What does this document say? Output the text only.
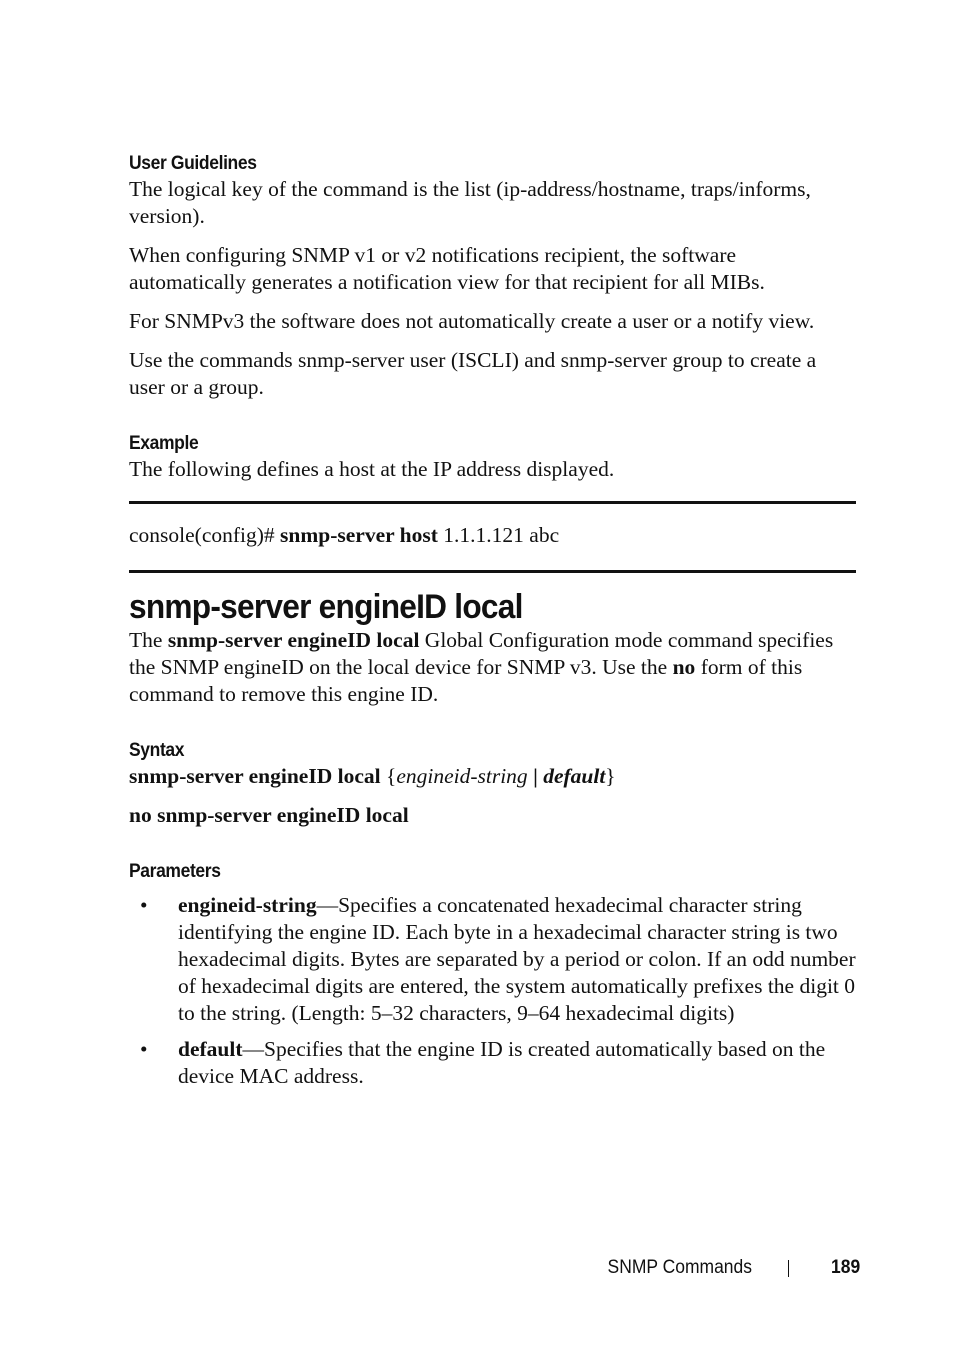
User Guidelines

The logical key of the command is the list (ip-address/hostname, traps/informs, version).

When configuring SNMP v1 or v2 notifications recipient, the software automatically generates a notification view for that recipient for all MIBs.

For SNMPv3 the software does not automatically create a user or a notify view.

Use the commands snmp-server user (ISCLI) and snmp-server group to create a user or a group.

Example

The following defines a host at the IP address displayed.

console(config)# snmp-server host 1.1.1.121 abc

snmp-server engineID local

The snmp-server engineID local Global Configuration mode command specifies the SNMP engineID on the local device for SNMP v3. Use the no form of this command to remove this engine ID.

Syntax

snmp-server engineID local {engineid-string | default}

no snmp-server engineID local

Parameters
• engineid-string—Specifies a concatenated hexadecimal character string identifying the engine ID. Each byte in a hexadecimal character string is two hexadecimal digits. Bytes are separated by a period or colon. If an odd number of hexadecimal digits are entered, the system automatically prefixes the digit 0 to the string. (Length: 5–32 characters, 9–64 hexadecimal digits)
• default—Specifies that the engine ID is created automatically based on the device MAC address.
SNMP Commands	189
